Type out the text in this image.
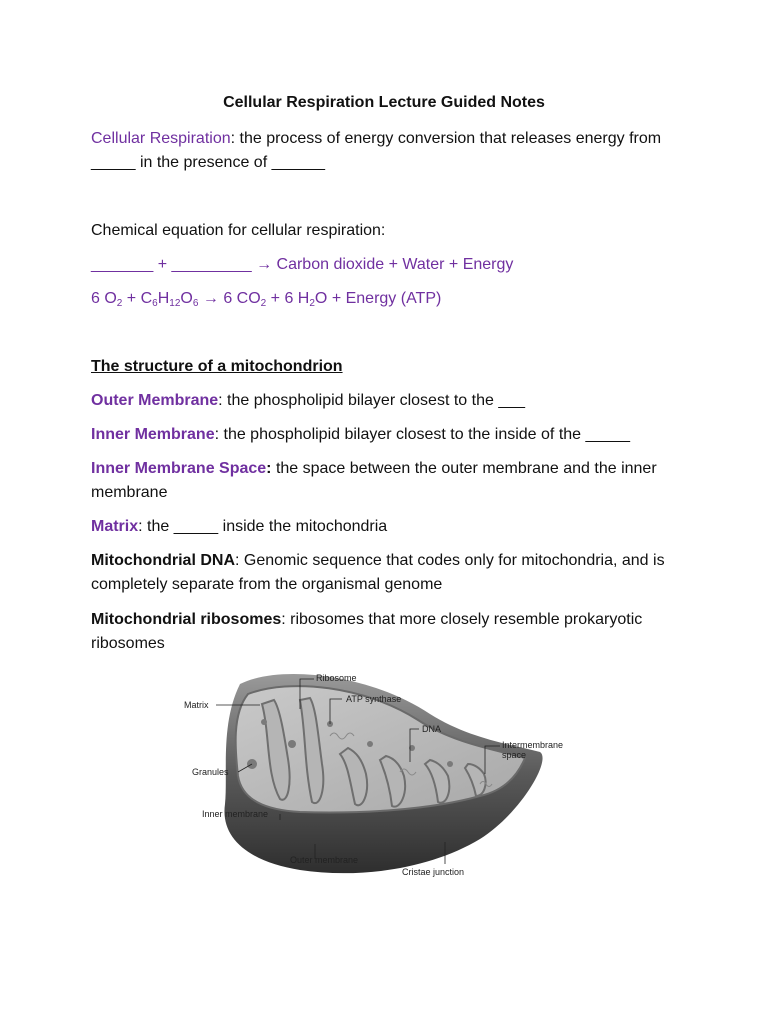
Cellular Respiration Lecture Guided Notes
Cellular Respiration: the process of energy conversion that releases energy from
_____ in the presence of ______
Chemical equation for cellular respiration:
_______ + _________ → Carbon dioxide + Water + Energy
6 $O_2 + C_6H_{12}O_6 \to 6$ $CO_2 + 6$ $H_2O$ + Energy (ATP)
The structure of a mitochondrion
Outer Membrane: the phospholipid bilayer closest to the ___
Inner Membrane: the phospholipid bilayer closest to the inside of the _____
Inner Membrane Space: the space between the outer membrane and the inner membrane
Matrix: the _____ inside the mitochondria
Mitochondrial DNA: Genomic sequence that codes only for mitochondria, and is completely separate from the organismal genome
Mitochondrial ribosomes: ribosomes that more closely resemble prokaryotic ribosomes
Ribosome
ATP synthase
Matrix
DNA
Intermembrane
space
Granules
Inner membrane
Outer membrane
Cristae junction
